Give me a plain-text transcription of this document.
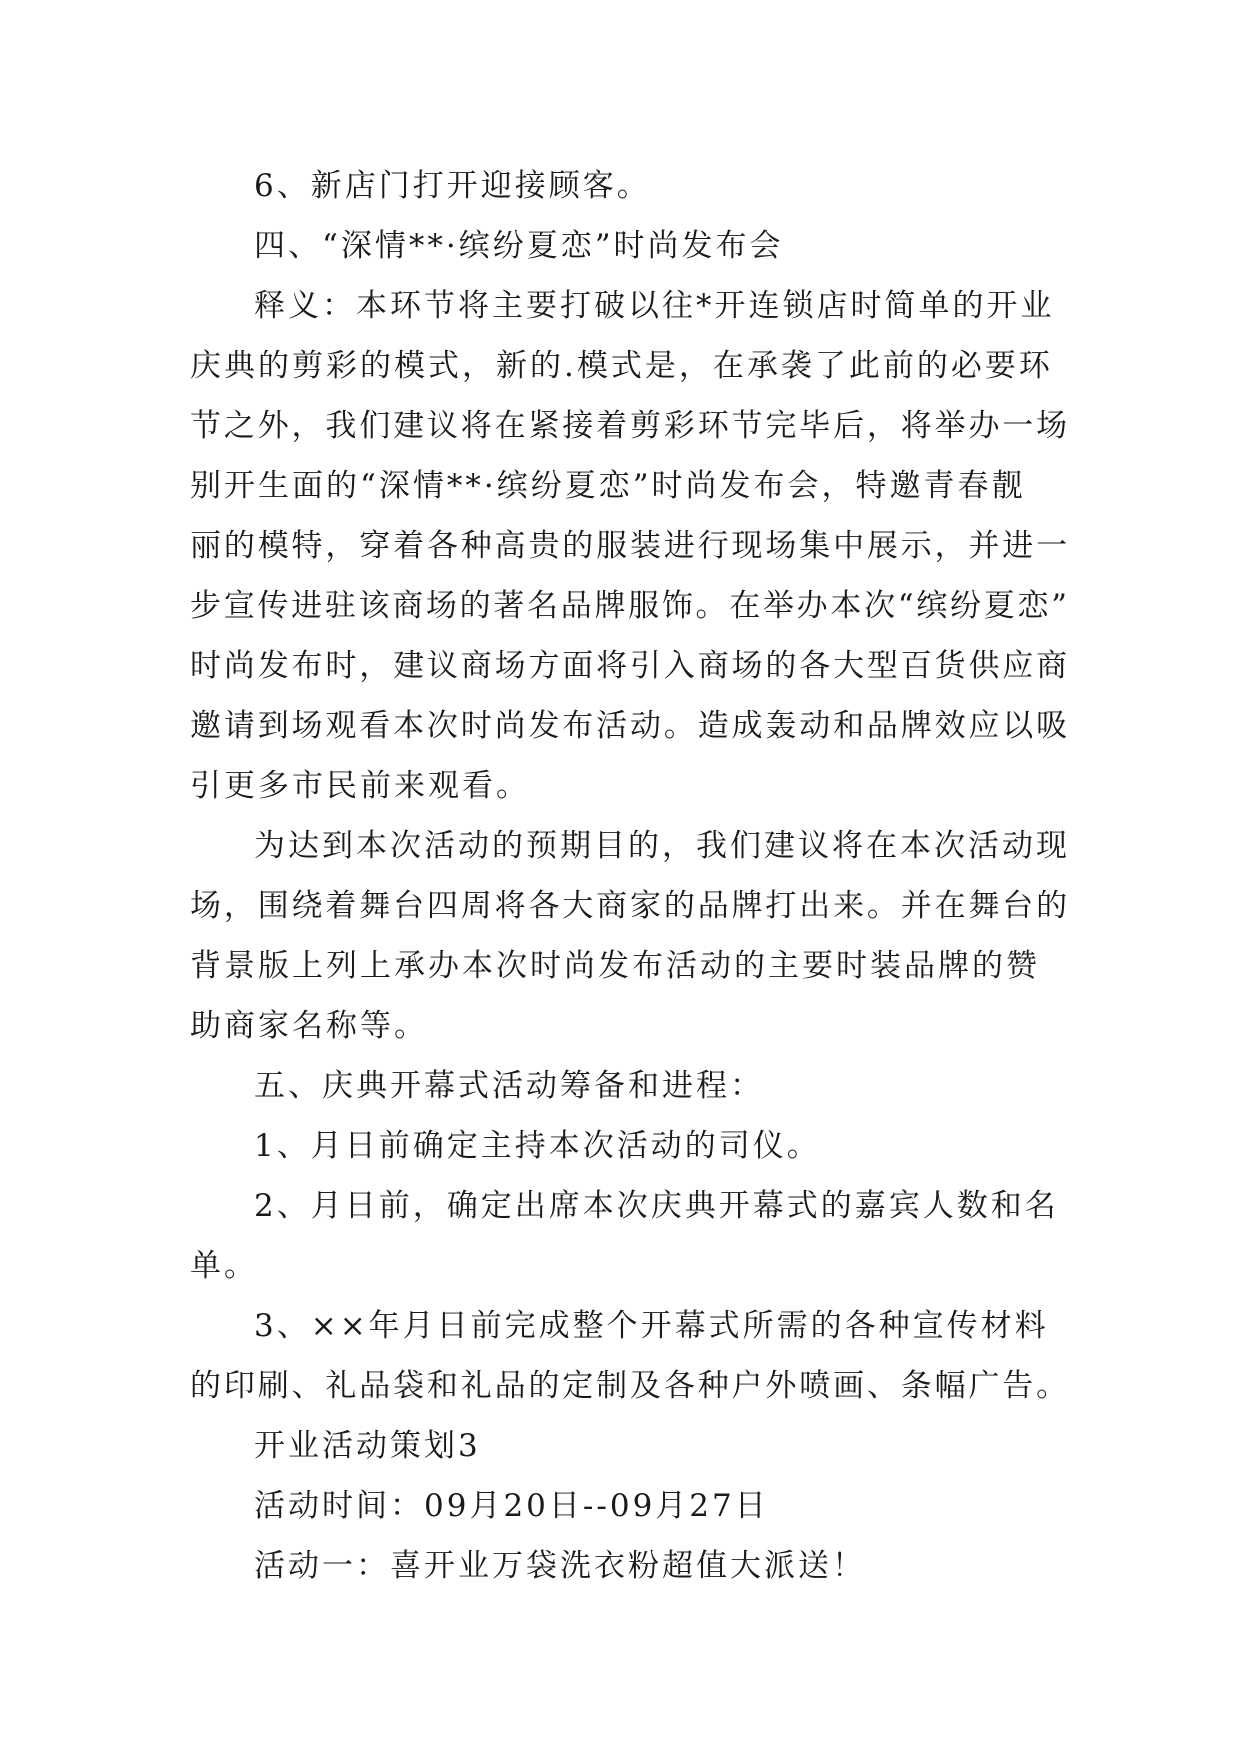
6、新店门打开迎接顾客。
四、“深情**·缤纷夏恋”时尚发布会
释义：本环节将主要打破以往*开连锁店时简单的开业
庆典的剪彩的模式，新的.模式是，在承袭了此前的必要环
节之外，我们建议将在紧接着剪彩环节完毕后，将举办一场
别开生面的“深情**·缤纷夏恋”时尚发布会，特邀青春靓
丽的模特，穿着各种高贵的服装进行现场集中展示，并进一
步宣传进驻该商场的著名品牌服饰。在举办本次“缤纷夏恋”
时尚发布时，建议商场方面将引入商场的各大型百货供应商
邀请到场观看本次时尚发布活动。造成轰动和品牌效应以吸
引更多市民前来观看。
为达到本次活动的预期目的，我们建议将在本次活动现
场，围绕着舞台四周将各大商家的品牌打出来。并在舞台的
背景版上列上承办本次时尚发布活动的主要时装品牌的赞
助商家名称等。
五、庆典开幕式活动筹备和进程：
1、月日前确定主持本次活动的司仪。
2、月日前，确定出席本次庆典开幕式的嘉宾人数和名
单。
3、××年月日前完成整个开幕式所需的各种宣传材料
的印刷、礼品袋和礼品的定制及各种户外喷画、条幅广告。
开业活动策划3
活动时间：09月20日--09月27日
活动一：喜开业万袋洗衣粉超值大派送！
